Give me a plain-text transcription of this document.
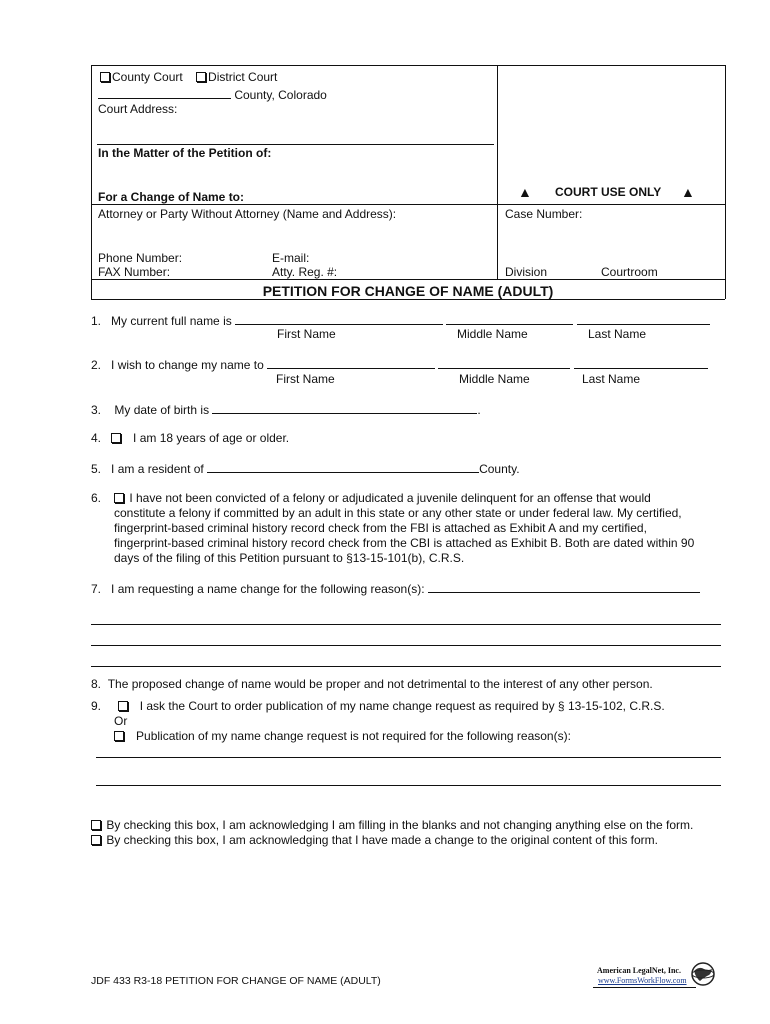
County Court District Court
County, Colorado
Court Address:
In the Matter of the Petition of:
For a Change of Name to:
Attorney or Party Without Attorney (Name and Address):
Phone Number:	E-mail:
FAX Number:	Atty. Reg. #:
▲ COURT USE ONLY ▲
Case Number:
Division	Courtroom
PETITION FOR CHANGE OF NAME (ADULT)
1. My current full name is
First Name	Middle Name	Last Name
2. I wish to change my name to
First Name	Middle Name	Last Name
3. My date of birth is	.
4.	I am 18 years of age or older.
5. I am a resident of	County.
6.	I have not been convicted of a felony or adjudicated a juvenile delinquent for an offense that would
constitute a felony if committed by an adult in this state or any other state or under federal law. My certified,
fingerprint-based criminal history record check from the FBI is attached as Exhibit A and my certified,
fingerprint-based criminal history record check from the CBI is attached as Exhibit B. Both are dated within 90
days of the filing of this Petition pursuant to §13-15-101(b), C.R.S.
7. I am requesting a name change for the following reason(s):
8. The proposed change of name would be proper and not detrimental to the interest of any other person.
9.	I ask the Court to order publication of my name change request as required by § 13-15-102, C.R.S.
Or
Publication of my name change request is not required for the following reason(s):
By checking this box, I am acknowledging I am filling in the blanks and not changing anything else on the form.
By checking this box, I am acknowledging that I have made a change to the original content of this form.
JDF 433 R3-18 PETITION FOR CHANGE OF NAME (ADULT)
American LegalNet, Inc.
www.FormsWorkFlow.com
